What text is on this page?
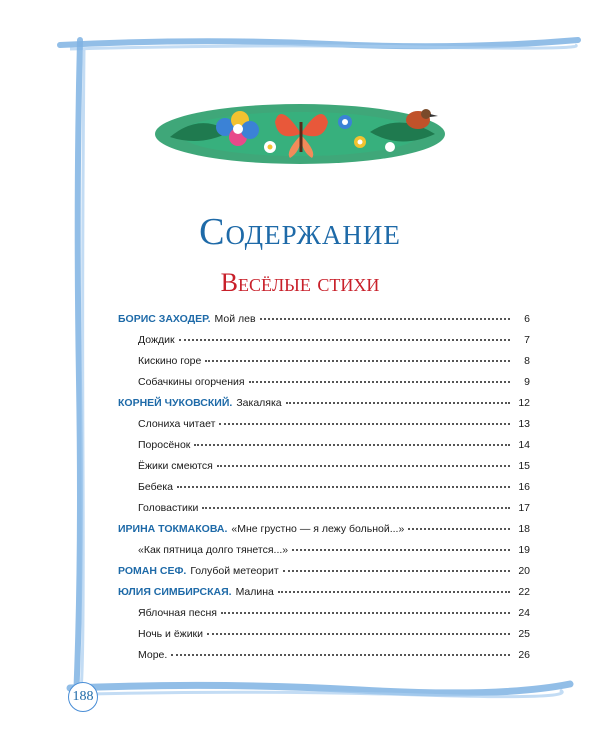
Содержание
Весёлые стихи
БОРИС ЗАХОДЕР. Мой лев	6
Дождик	7
Кискино горе	8
Собачкины огорчения	9
КОРНЕЙ ЧУКОВСКИЙ. Закаляка	12
Слониха читает	13
Поросёнок	14
Ёжики смеются	15
Бебека	16
Головастики	17
ИРИНА ТОКМАКОВА. «Мне грустно — я лежу больной...»	18
«Как пятница долго тянется...»	19
РОМАН СЕФ. Голубой метеорит	20
ЮЛИЯ СИМБИРСКАЯ. Малина	22
Яблочная песня	24
Ночь и ёжики	25
Море.	26
188
